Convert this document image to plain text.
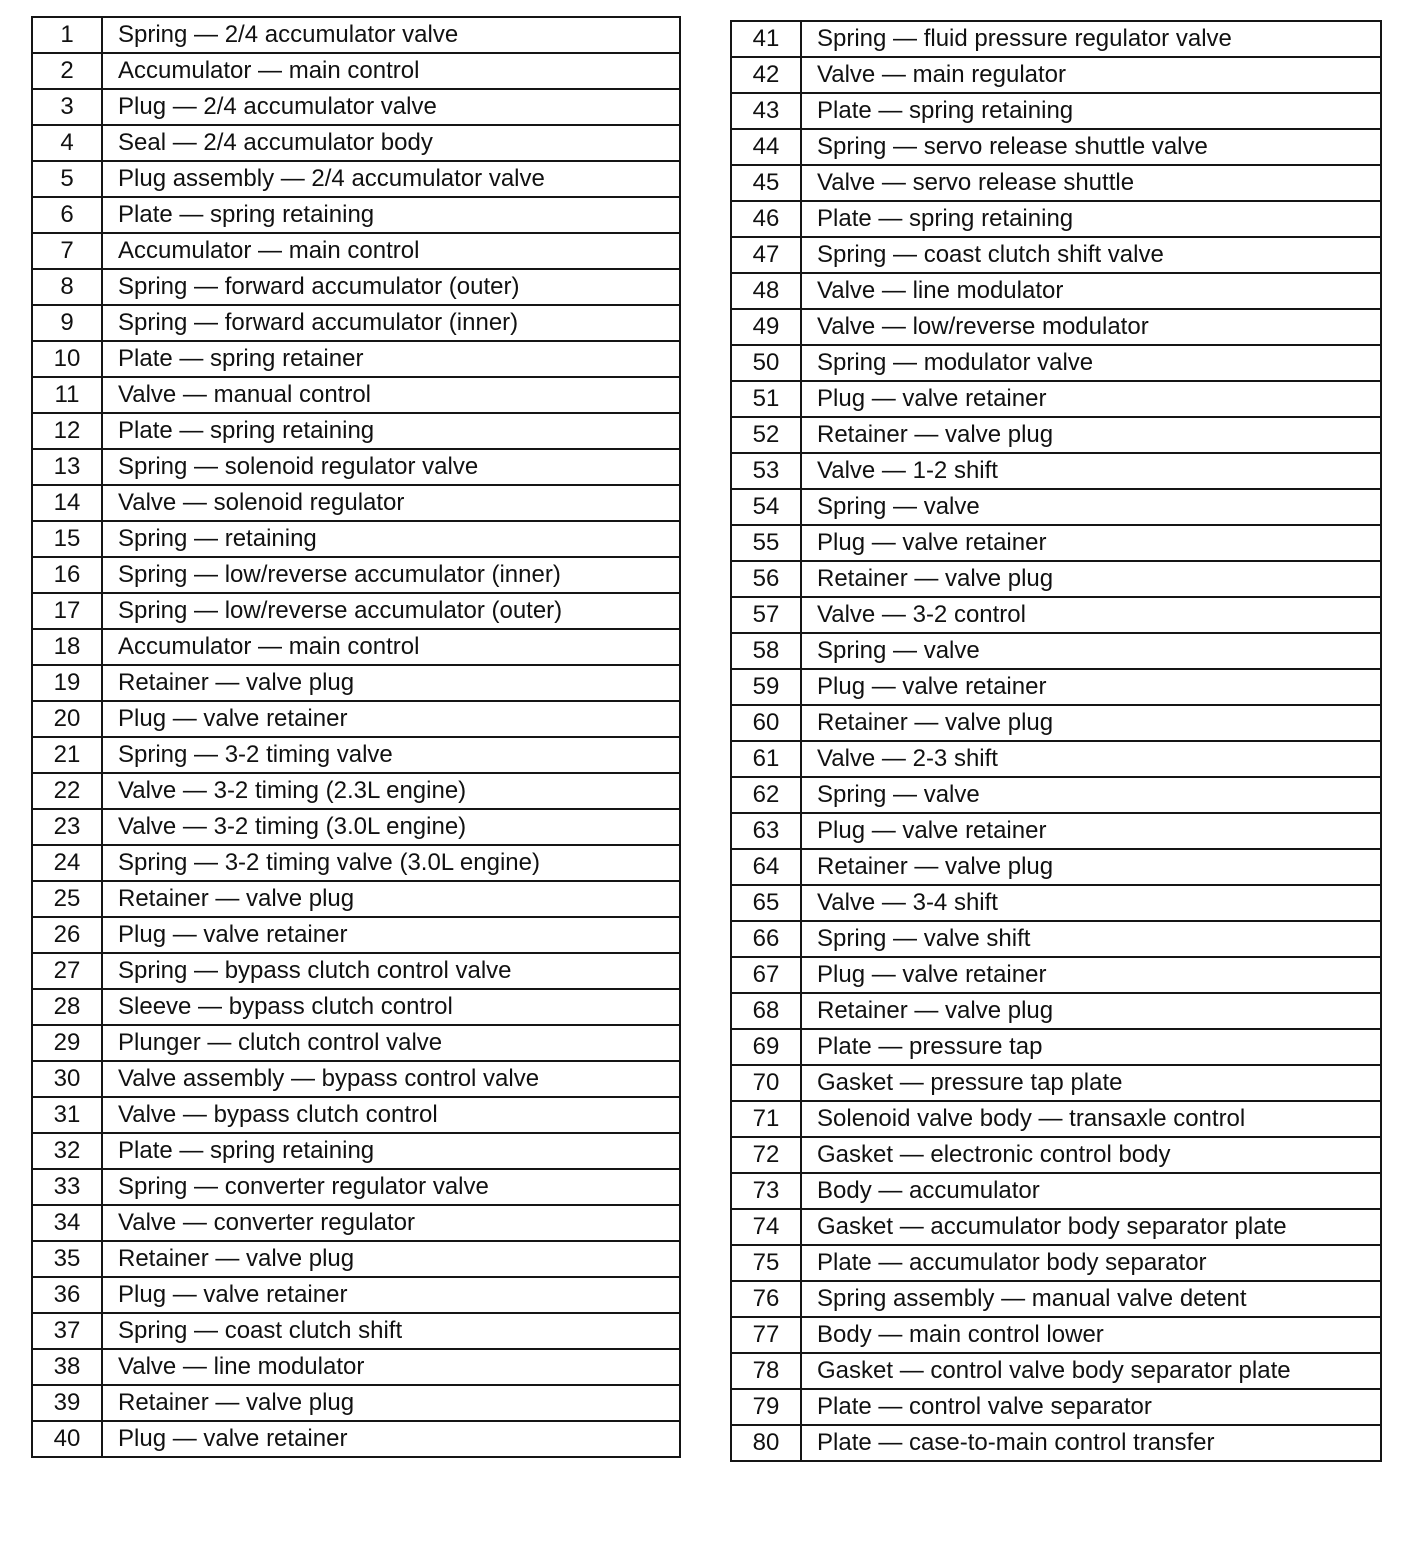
1	Spring — 2/4 accumulator valve
2	Accumulator — main control
3	Plug — 2/4 accumulator valve
4	Seal — 2/4 accumulator body
5	Plug assembly — 2/4 accumulator valve
6	Plate — spring retaining
7	Accumulator — main control
8	Spring — forward accumulator (outer)
9	Spring — forward accumulator (inner)
10	Plate — spring retainer
11	Valve — manual control
12	Plate — spring retaining
13	Spring — solenoid regulator valve
14	Valve — solenoid regulator
15	Spring — retaining
16	Spring — low/reverse accumulator (inner)
17	Spring — low/reverse accumulator (outer)
18	Accumulator — main control
19	Retainer — valve plug
20	Plug — valve retainer
21	Spring — 3-2 timing valve
22	Valve — 3-2 timing (2.3L engine)
23	Valve — 3-2 timing (3.0L engine)
24	Spring — 3-2 timing valve (3.0L engine)
25	Retainer — valve plug
26	Plug — valve retainer
27	Spring — bypass clutch control valve
28	Sleeve — bypass clutch control
29	Plunger — clutch control valve
30	Valve assembly — bypass control valve
31	Valve — bypass clutch control
32	Plate — spring retaining
33	Spring — converter regulator valve
34	Valve — converter regulator
35	Retainer — valve plug
36	Plug — valve retainer
37	Spring — coast clutch shift
38	Valve — line modulator
39	Retainer — valve plug
40	Plug — valve retainer
41	Spring — fluid pressure regulator valve
42	Valve — main regulator
43	Plate — spring retaining
44	Spring — servo release shuttle valve
45	Valve — servo release shuttle
46	Plate — spring retaining
47	Spring — coast clutch shift valve
48	Valve — line modulator
49	Valve — low/reverse modulator
50	Spring — modulator valve
51	Plug — valve retainer
52	Retainer — valve plug
53	Valve — 1-2 shift
54	Spring — valve
55	Plug — valve retainer
56	Retainer — valve plug
57	Valve — 3-2 control
58	Spring — valve
59	Plug — valve retainer
60	Retainer — valve plug
61	Valve — 2-3 shift
62	Spring — valve
63	Plug — valve retainer
64	Retainer — valve plug
65	Valve — 3-4 shift
66	Spring — valve shift
67	Plug — valve retainer
68	Retainer — valve plug
69	Plate — pressure tap
70	Gasket — pressure tap plate
71	Solenoid valve body — transaxle control
72	Gasket — electronic control body
73	Body — accumulator
74	Gasket — accumulator body separator plate
75	Plate — accumulator body separator
76	Spring assembly — manual valve detent
77	Body — main control lower
78	Gasket — control valve body separator plate
79	Plate — control valve separator
80	Plate — case-to-main control transfer
